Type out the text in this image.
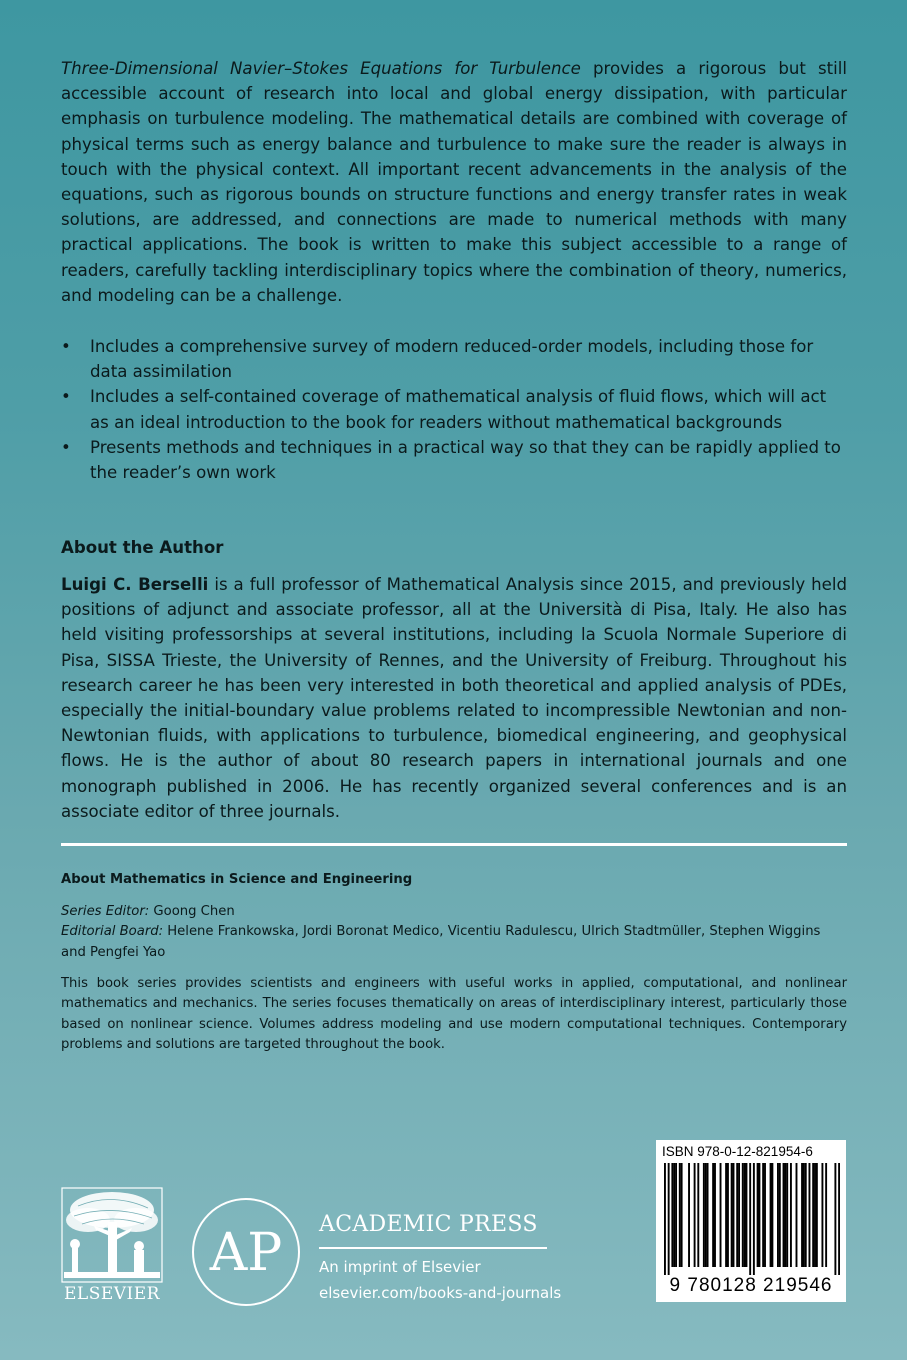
Three-Dimensional Navier–Stokes Equations for Turbulence provides a rigorous but still accessible account of research into local and global energy dissipation, with particular emphasis on turbulence modeling. The mathematical details are combined with coverage of physical terms such as energy balance and turbulence to make sure the reader is always in touch with the physical context. All important recent advancements in the analysis of the equations, such as rigorous bounds on structure functions and energy transfer rates in weak solutions, are addressed, and connections are made to numerical methods with many practical applications. The book is written to make this subject accessible to a range of readers, carefully tackling interdisciplinary topics where the combination of theory, numerics, and modeling can be a challenge.

• Includes a comprehensive survey of modern reduced-order models, including those for data assimilation
• Includes a self-contained coverage of mathematical analysis of fluid flows, which will act as an ideal introduction to the book for readers without mathematical backgrounds
• Presents methods and techniques in a practical way so that they can be rapidly applied to the reader’s own work
About the Author

Luigi C. Berselli is a full professor of Mathematical Analysis since 2015, and previously held positions of adjunct and associate professor, all at the Università di Pisa, Italy. He also has held visiting professorships at several institutions, including la Scuola Normale Superiore di Pisa, SISSA Trieste, the University of Rennes, and the University of Freiburg. Throughout his research career he has been very interested in both theoretical and applied analysis of PDEs, especially the initial-boundary value problems related to incompressible Newtonian and non-Newtonian fluids, with applications to turbulence, biomedical engineering, and geophysical flows. He is the author of about 80 research papers in international journals and one monograph published in 2006. He has recently organized several conferences and is an associate editor of three journals.

About Mathematics in Science and Engineering

Series Editor: Goong Chen
Editorial Board: Helene Frankowska, Jordi Boronat Medico, Vicentiu Radulescu, Ulrich Stadtmüller, Stephen Wiggins and Pengfei Yao

This book series provides scientists and engineers with useful works in applied, computational, and nonlinear mathematics and mechanics. The series focuses thematically on areas of interdisciplinary interest, particularly those based on nonlinear science. Volumes address modeling and use modern computational techniques. Contemporary problems and solutions are targeted throughout the book.

ELSEVIER
AP ACADEMIC PRESS

An imprint of Elsevier

elsevier.com/books-and-journals

ISBN 978-0-12-821954-6

9 780128 219546
